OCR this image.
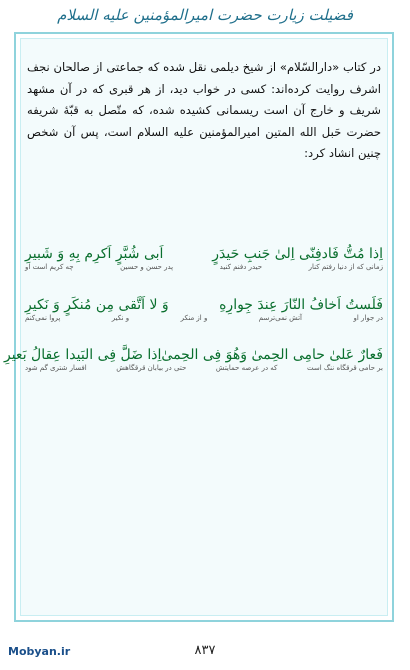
فضیلت زیارت حضرت امیرالمؤمنین علیه السلام
در کتاب «دارالسّلام» از شیخ دیلمی نقل شده که جماعتی از صالحان نجف اشرف روایت کرده‌اند: کسی در خواب دید، از هر قبری که در آن مشهد شریف و خارج آن است ریسمانی کشیده شده، که متّصل به قبّهٔ شریفه حضرت حَبل الله المتین امیرالمؤمنین علیه السلام است، پس آن شخص چنین انشاد کرد:
اِذا مُتُّ فَادفِنّی اِلیٰ جَنبِ حَیدَرٍ
اَبی شُبَّرٍ اَکرِم بِهِ وَ شَبیرِ
زمانی که از دنیا رفتم کنار
حیدر دفنم کنید
پدر حسن و حسین
چه کریم است او
فَلَستُ اَخافُ النّارَ عِندَ جِوارِهِ
وَ لا اَتَّقی مِن مُنکَرٍ وَ نَکیرِ
در جوار او
آتش نمی‌ترسم
و از منکر
و نکیر
پروا نمی‌کنم
فَعارٌ عَلیٰ حامِی الحِمیٰ وَهُوَ فِی الحِمیٰ
اِذا ضَلَّ فِی البَیدا عِقالُ بَعیرِ
بر حامی قرقگاه ننگ است
که در عرصه حمایتش
حتی در بیابان قرقگاهش
افسار شتری گم شود
Mobyan.ir	۸۳۷
